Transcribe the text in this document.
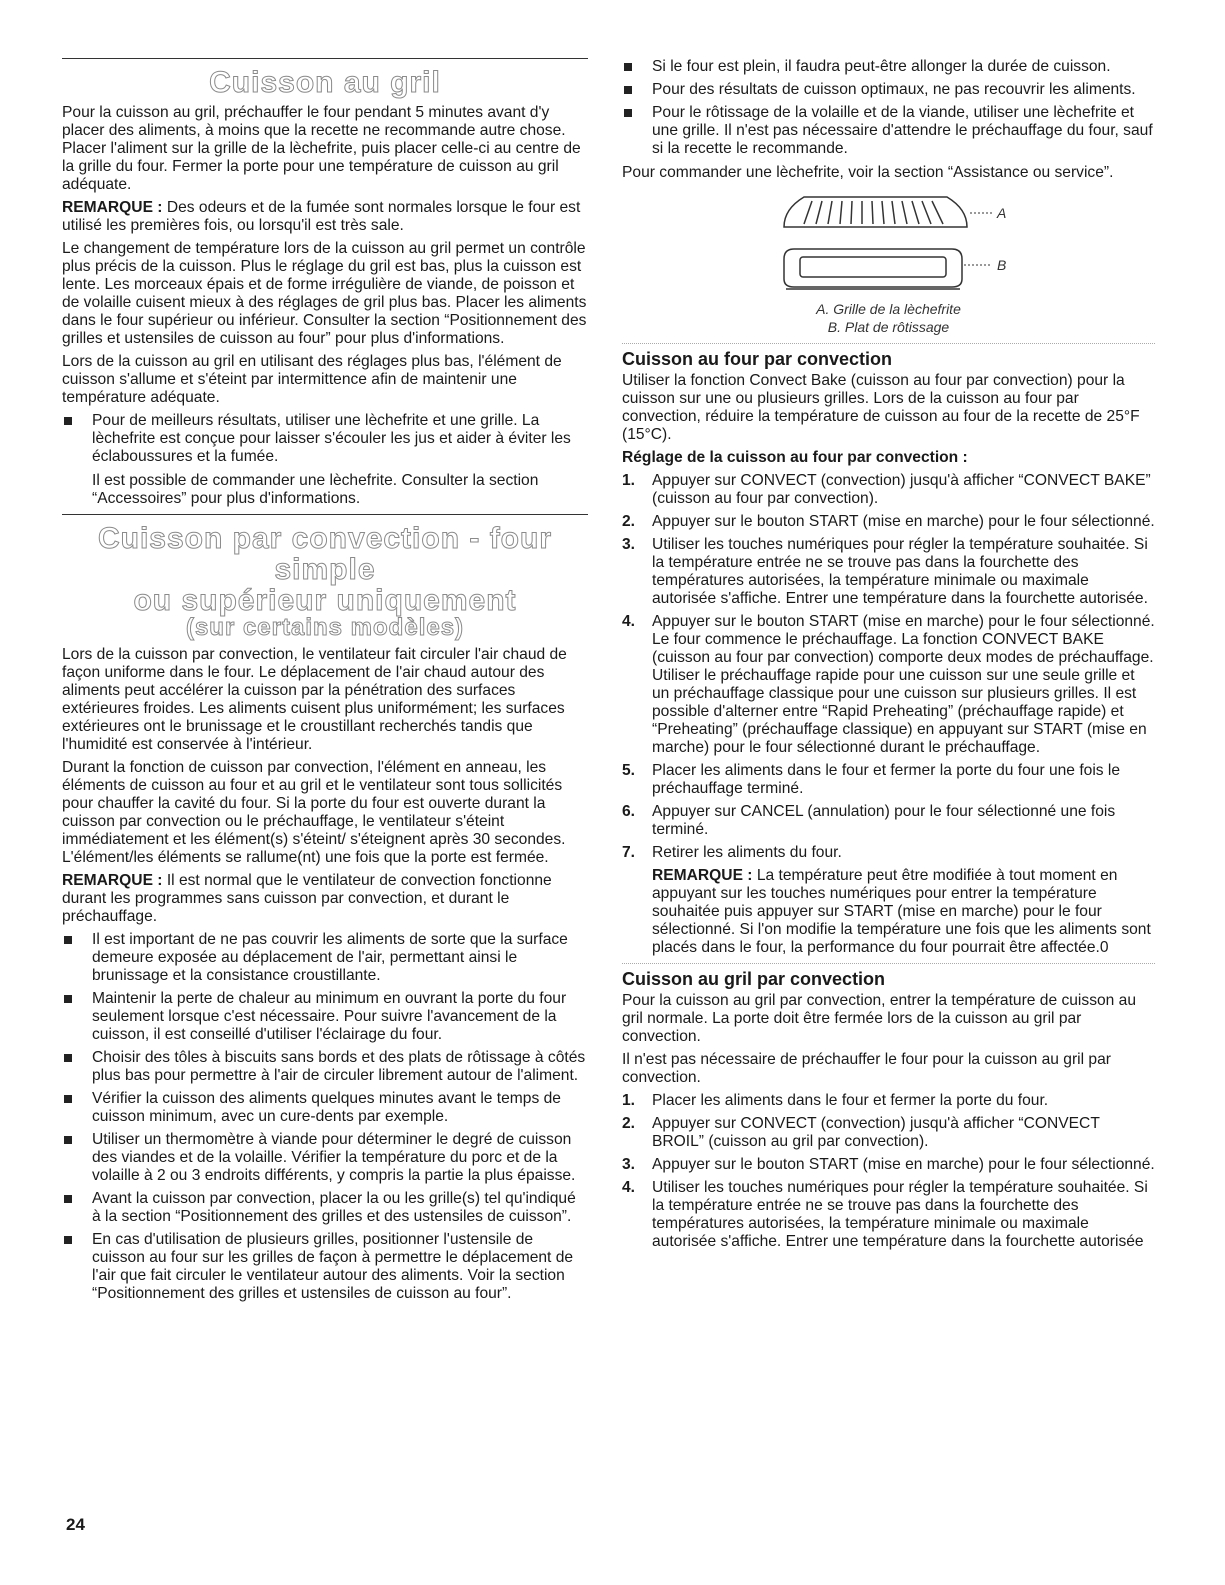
Cuisson au gril

Pour la cuisson au gril, préchauffer le four pendant 5 minutes avant d'y placer des aliments, à moins que la recette ne recommande autre chose. Placer l'aliment sur la grille de la lèchefrite, puis placer celle-ci au centre de la grille du four. Fermer la porte pour une température de cuisson au gril adéquate.

REMARQUE : Des odeurs et de la fumée sont normales lorsque le four est utilisé les premières fois, ou lorsqu'il est très sale.

Le changement de température lors de la cuisson au gril permet un contrôle plus précis de la cuisson. Plus le réglage du gril est bas, plus la cuisson est lente. Les morceaux épais et de forme irrégulière de viande, de poisson et de volaille cuisent mieux à des réglages de gril plus bas. Placer les aliments dans le four supérieur ou inférieur. Consulter la section “Positionnement des grilles et ustensiles de cuisson au four” pour plus d'informations.

Lors de la cuisson au gril en utilisant des réglages plus bas, l'élément de cuisson s'allume et s'éteint par intermittence afin de maintenir une température adéquate.

Pour de meilleurs résultats, utiliser une lèchefrite et une grille. La lèchefrite est conçue pour laisser s'écouler les jus et aider à éviter les éclaboussures et la fumée.
Il est possible de commander une lèchefrite. Consulter la section “Accessoires” pour plus d'informations.
Cuisson par convection - four simple
ou supérieur uniquement
(sur certains modèles)

Lors de la cuisson par convection, le ventilateur fait circuler l'air chaud de façon uniforme dans le four. Le déplacement de l'air chaud autour des aliments peut accélérer la cuisson par la pénétration des surfaces extérieures froides. Les aliments cuisent plus uniformément; les surfaces extérieures ont le brunissage et le croustillant recherchés tandis que l'humidité est conservée à l'intérieur.

Durant la fonction de cuisson par convection, l'élément en anneau, les éléments de cuisson au four et au gril et le ventilateur sont tous sollicités pour chauffer la cavité du four. Si la porte du four est ouverte durant la cuisson par convection ou le préchauffage, le ventilateur s'éteint immédiatement et les élément(s) s'éteint/ s'éteignent après 30 secondes. L'élément/les éléments se rallume(nt) une fois que la porte est fermée.

REMARQUE : Il est normal que le ventilateur de convection fonctionne durant les programmes sans cuisson par convection, et durant le préchauffage.

Il est important de ne pas couvrir les aliments de sorte que la surface demeure exposée au déplacement de l'air, permettant ainsi le brunissage et la consistance croustillante.
Maintenir la perte de chaleur au minimum en ouvrant la porte du four seulement lorsque c'est nécessaire. Pour suivre l'avancement de la cuisson, il est conseillé d'utiliser l'éclairage du four.
Choisir des tôles à biscuits sans bords et des plats de rôtissage à côtés plus bas pour permettre à l'air de circuler librement autour de l'aliment.
Vérifier la cuisson des aliments quelques minutes avant le temps de cuisson minimum, avec un cure-dents par exemple.
Utiliser un thermomètre à viande pour déterminer le degré de cuisson des viandes et de la volaille. Vérifier la température du porc et de la volaille à 2 ou 3 endroits différents, y compris la partie la plus épaisse.
Avant la cuisson par convection, placer la ou les grille(s) tel qu'indiqué à la section “Positionnement des grilles et des ustensiles de cuisson”.
En cas d'utilisation de plusieurs grilles, positionner l'ustensile de cuisson au four sur les grilles de façon à permettre le déplacement de l'air que fait circuler le ventilateur autour des aliments. Voir la section “Positionnement des grilles et ustensiles de cuisson au four”.
24
Si le four est plein, il faudra peut-être allonger la durée de cuisson.
Pour des résultats de cuisson optimaux, ne pas recouvrir les aliments.
Pour le rôtissage de la volaille et de la viande, utiliser une lèchefrite et une grille. Il n'est pas nécessaire d'attendre le préchauffage du four, sauf si la recette le recommande.

Pour commander une lèchefrite, voir la section “Assistance ou service”.

A
B
A. Grille de la lèchefrite
B. Plat de rôtissage
Cuisson au four par convection

Utiliser la fonction Convect Bake (cuisson au four par convection) pour la cuisson sur une ou plusieurs grilles. Lors de la cuisson au four par convection, réduire la température de cuisson au four de la recette de 25°F (15°C).

Réglage de la cuisson au four par convection :

1. Appuyer sur CONVECT (convection) jusqu'à afficher “CONVECT BAKE” (cuisson au four par convection).
2. Appuyer sur le bouton START (mise en marche) pour le four sélectionné.
3. Utiliser les touches numériques pour régler la température souhaitée. Si la température entrée ne se trouve pas dans la fourchette des températures autorisées, la température minimale ou maximale autorisée s'affiche. Entrer une température dans la fourchette autorisée.
4. Appuyer sur le bouton START (mise en marche) pour le four sélectionné. Le four commence le préchauffage. La fonction CONVECT BAKE (cuisson au four par convection) comporte deux modes de préchauffage. Utiliser le préchauffage rapide pour une cuisson sur une seule grille et un préchauffage classique pour une cuisson sur plusieurs grilles. Il est possible d'alterner entre “Rapid Preheating” (préchauffage rapide) et “Preheating” (préchauffage classique) en appuyant sur START (mise en marche) pour le four sélectionné durant le préchauffage.
5. Placer les aliments dans le four et fermer la porte du four une fois le préchauffage terminé.
6. Appuyer sur CANCEL (annulation) pour le four sélectionné une fois terminé.
7. Retirer les aliments du four.
REMARQUE : La température peut être modifiée à tout moment en appuyant sur les touches numériques pour entrer la température souhaitée puis appuyer sur START (mise en marche) pour le four sélectionné. Si l'on modifie la température une fois que les aliments sont placés dans le four, la performance du four pourrait être affectée.0
Cuisson au gril par convection

Pour la cuisson au gril par convection, entrer la température de cuisson au gril normale. La porte doit être fermée lors de la cuisson au gril par convection.

Il n'est pas nécessaire de préchauffer le four pour la cuisson au gril par convection.

1. Placer les aliments dans le four et fermer la porte du four.
2. Appuyer sur CONVECT (convection) jusqu'à afficher “CONVECT BROIL” (cuisson au gril par convection).
3. Appuyer sur le bouton START (mise en marche) pour le four sélectionné.
4. Utiliser les touches numériques pour régler la température souhaitée. Si la température entrée ne se trouve pas dans la fourchette des températures autorisées, la température minimale ou maximale autorisée s'affiche. Entrer une température dans la fourchette autorisée
